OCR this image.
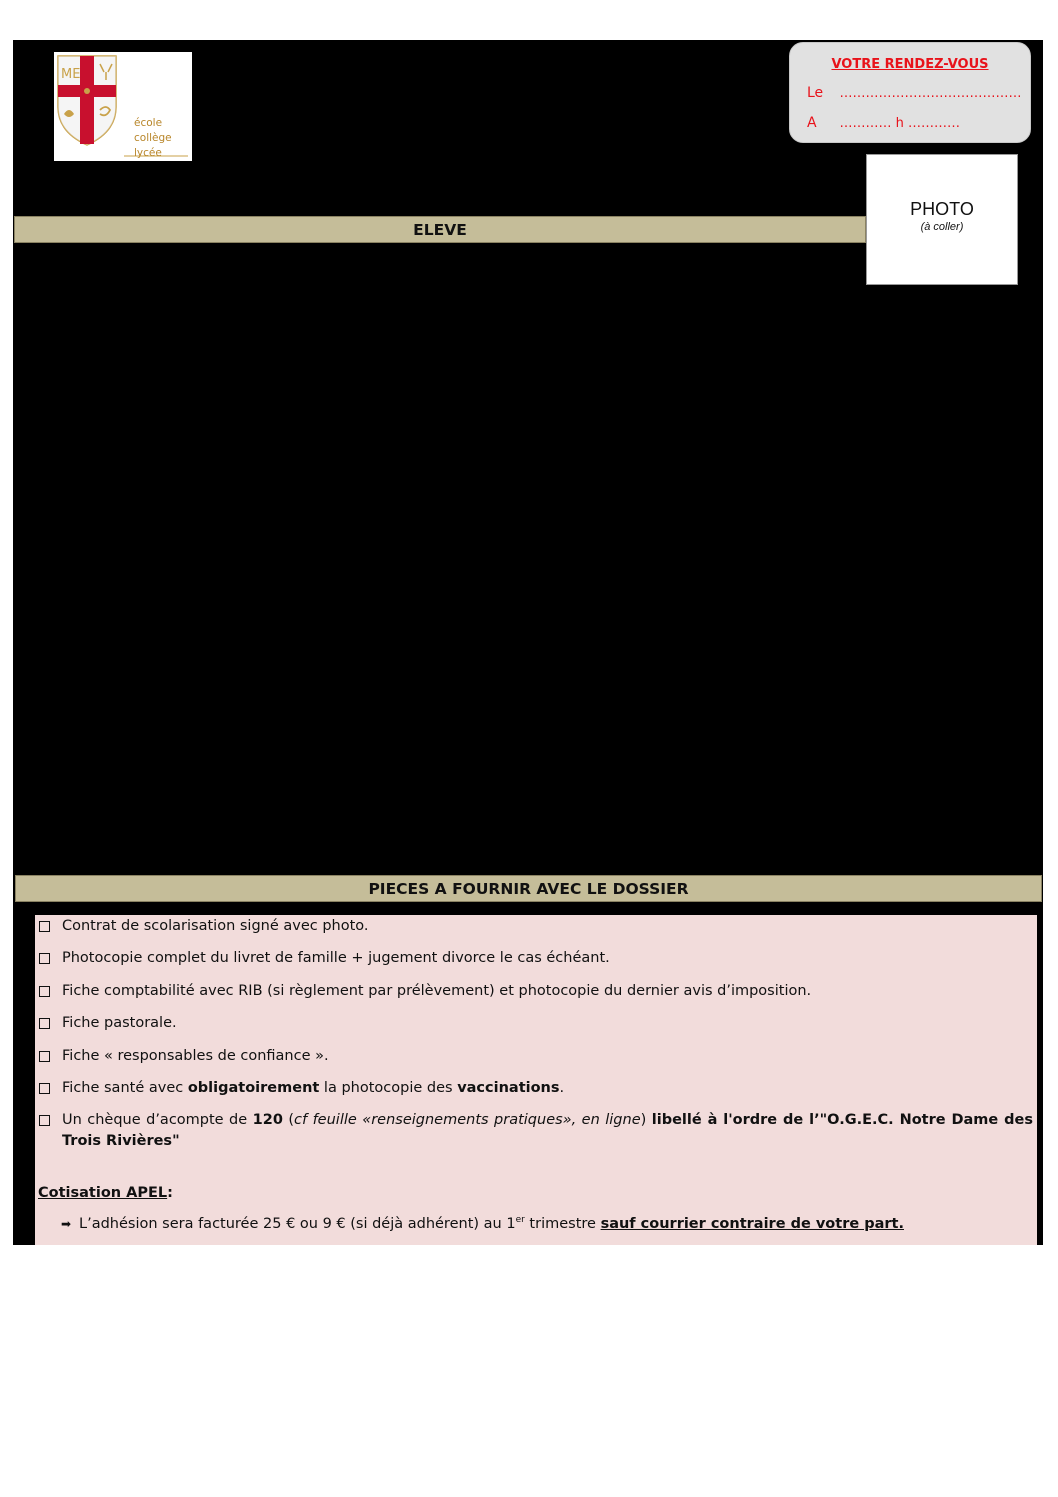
ME
école
collège
lycée
VOTRE RENDEZ-VOUS
Le ……………………………………
A ………… h …………
PHOTO
(à coller)
ELEVE
PIECES A FOURNIR AVEC LE DOSSIER
Contrat de scolarisation signé avec photo.
Photocopie complet du livret de famille + jugement divorce le cas échéant.
Fiche comptabilité avec RIB (si règlement par prélèvement) et photocopie du dernier avis d’imposition.
Fiche pastorale.
Fiche « responsables de confiance ».
Fiche santé avec obligatoirement la photocopie des vaccinations.
Un chèque d’acompte de 120 (cf feuille «renseignements pratiques», en ligne) libellé à l'ordre de l’"O.G.E.C. Notre Dame des Trois Rivières"
Cotisation APEL:
➡ L’adhésion sera facturée 25 € ou 9 € (si déjà adhérent) au 1er trimestre sauf courrier contraire de votre part.
